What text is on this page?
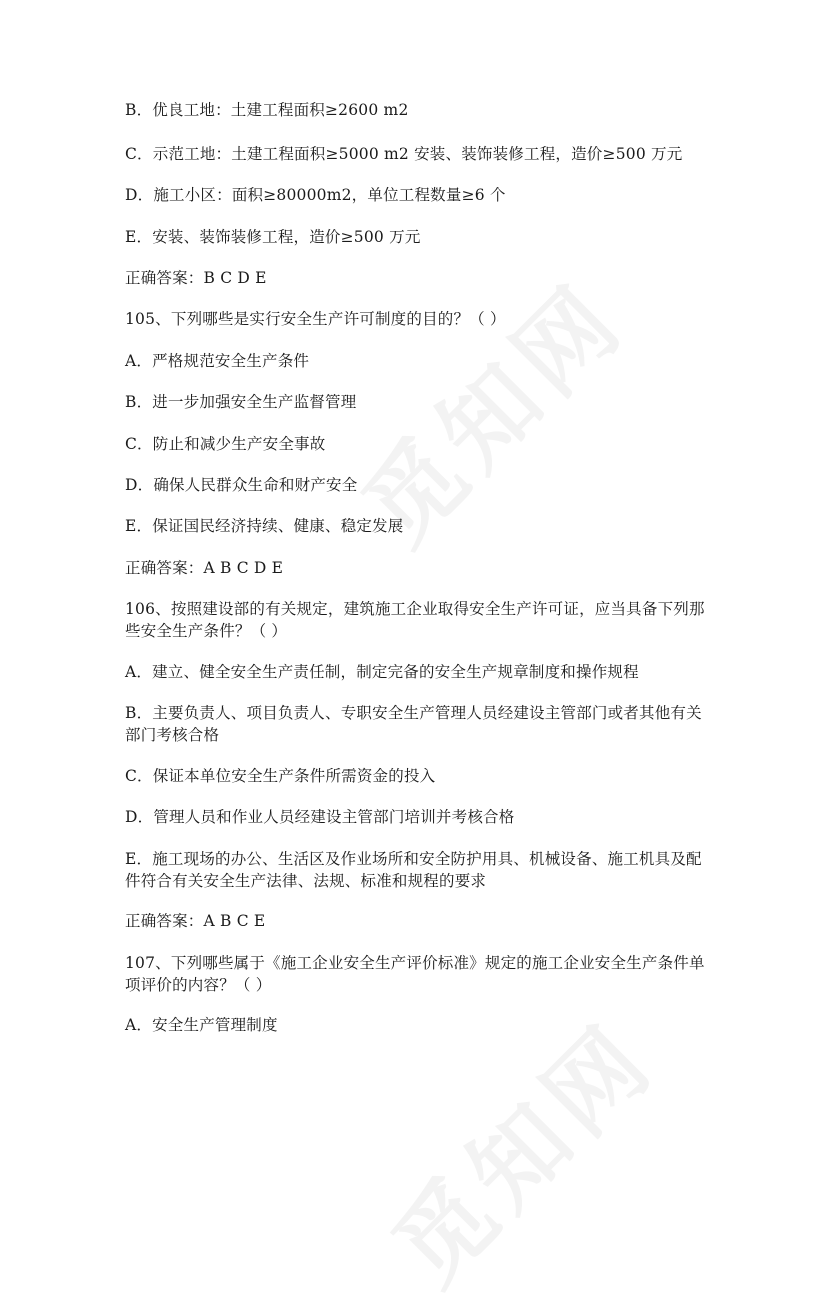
B．优良工地：土建工程面积≥2600 m2
C．示范工地：土建工程面积≥5000 m2 安装、装饰装修工程，造价≥500 万元
D．施工小区：面积≥80000m2，单位工程数量≥6 个
E．安装、装饰装修工程，造价≥500 万元
正确答案：B C D E
105、下列哪些是实行安全生产许可制度的目的？（ ）
A．严格规范安全生产条件
B．进一步加强安全生产监督管理
C．防止和减少生产安全事故
D．确保人民群众生命和财产安全
E．保证国民经济持续、健康、稳定发展
正确答案：A B C D E
106、按照建设部的有关规定，建筑施工企业取得安全生产许可证，应当具备下列那些安全生产条件？（ ）
A．建立、健全安全生产责任制，制定完备的安全生产规章制度和操作规程
B．主要负责人、项目负责人、专职安全生产管理人员经建设主管部门或者其他有关部门考核合格
C．保证本单位安全生产条件所需资金的投入
D．管理人员和作业人员经建设主管部门培训并考核合格
E．施工现场的办公、生活区及作业场所和安全防护用具、机械设备、施工机具及配件符合有关安全生产法律、法规、标准和规程的要求
正确答案：A B C E
107、下列哪些属于《施工企业安全生产评价标准》规定的施工企业安全生产条件单项评价的内容？（ ）
A．安全生产管理制度
